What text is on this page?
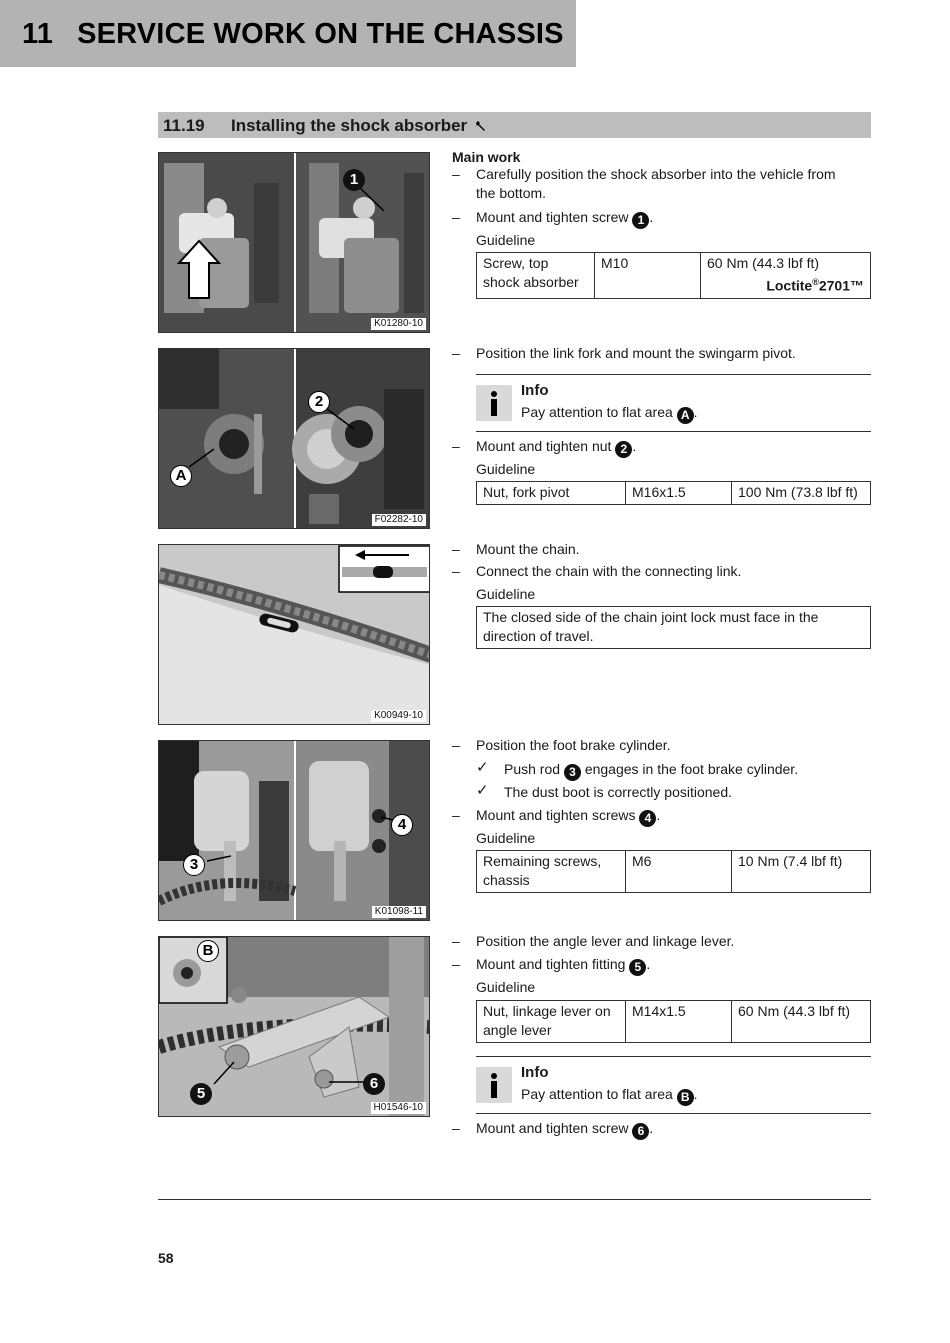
11 SERVICE WORK ON THE CHASSIS
11.19 Installing the shock absorber
1
K01280-10
Main work
– Carefully position the shock absorber into the vehicle from
the bottom.
– Mount and tighten screw 1 .
Guideline
Screw, top
shock absorber	M10	60 Nm (44.3 lbf ft)

Loctite®2701™
2
A
F02282-10
– Position the link fork and mount the swingarm pivot.
Info
Pay attention to flat area A .
– Mount and tighten nut 2 .
Guideline
Nut, fork pivot	M16x1.5	100 Nm (73.8 lbf ft)
K00949-10
– Mount the chain.
– Connect the chain with the connecting link.
Guideline
The closed side of the chain joint lock must face in the
direction of travel.
3
4
K01098-11
– Position the foot brake cylinder.
✓ Push rod 3 engages in the foot brake cylinder.
✓ The dust boot is correctly positioned.
– Mount and tighten screws 4 .
Guideline
Remaining screws,
chassis	M6	10 Nm (7.4 lbf ft)
B
5
6
H01546-10
– Position the angle lever and linkage lever.
– Mount and tighten fitting 5 .
Guideline
Nut, linkage lever on
angle lever	M14x1.5	60 Nm (44.3 lbf ft)
Info
Pay attention to flat area B .
– Mount and tighten screw 6 .
58
